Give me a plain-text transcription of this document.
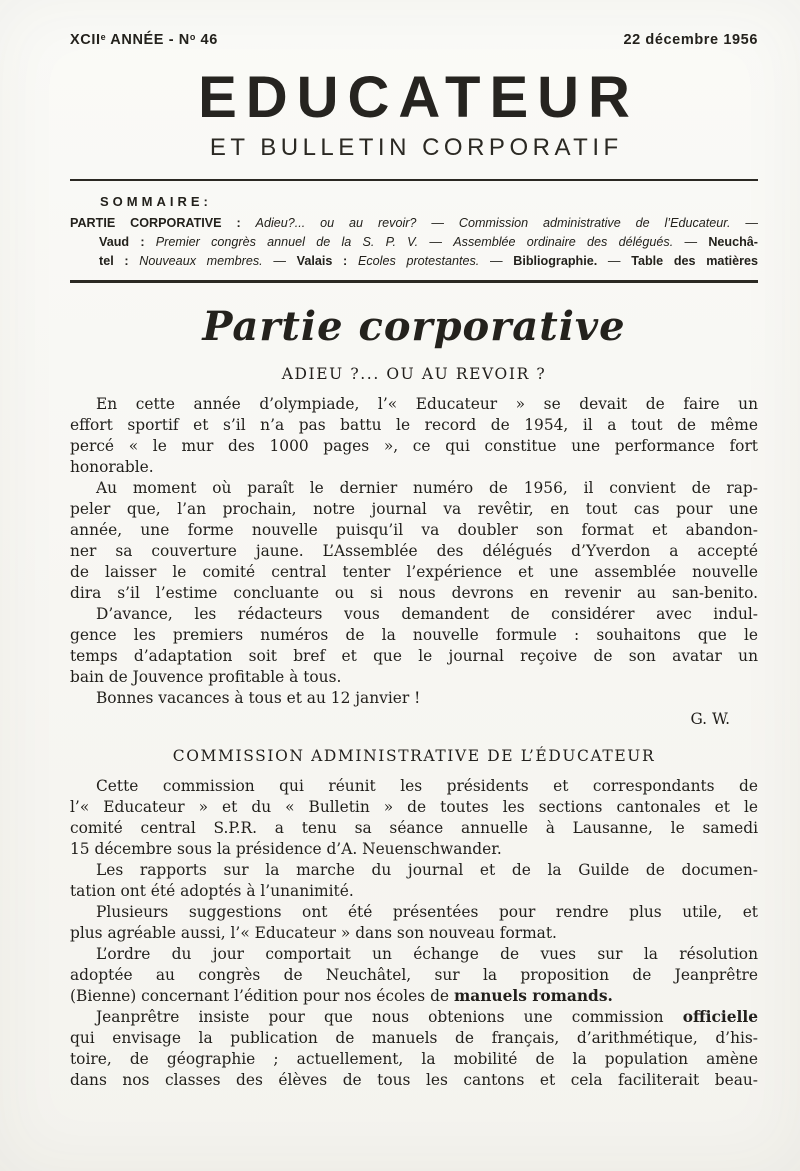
XCIIe ANNÉE - $N^o$ 46	22 décembre 1956
EDUCATEUR
ET BULLETIN CORPORATIF
SOMMAIRE:
PARTIE CORPORATIVE : Adieu?... ou au revoir? — Commission administrative de l’Educateur. —
Vaud : Premier congrès annuel de la S. P. V. — Assemblée ordinaire des délégués. — Neuchâ-
tel : Nouveaux membres. — Valais : Ecoles protestantes. — Bibliographie. — Table des matières
Partie corporative
ADIEU ?... OU AU REVOIR ?
En cette année d’olympiade, l’« Educateur » se devait de faire un
effort sportif et s’il n’a pas battu le record de 1954, il a tout de même
percé « le mur des 1000 pages », ce qui constitue une performance fort
honorable.
Au moment où paraît le dernier numéro de 1956, il convient de rap-
peler que, l’an prochain, notre journal va revêtir, en tout cas pour une
année, une forme nouvelle puisqu’il va doubler son format et abandon-
ner sa couverture jaune. L’Assemblée des délégués d’Yverdon a accepté
de laisser le comité central tenter l’expérience et une assemblée nouvelle
dira s’il l’estime concluante ou si nous devrons en revenir au san-benito.
D’avance, les rédacteurs vous demandent de considérer avec indul-
gence les premiers numéros de la nouvelle formule : souhaitons que le
temps d’adaptation soit bref et que le journal reçoive de son avatar un
bain de Jouvence profitable à tous.
Bonnes vacances à tous et au 12 janvier !
G. W.
COMMISSION ADMINISTRATIVE DE L’ÉDUCATEUR
Cette commission qui réunit les présidents et correspondants de
l’« Educateur » et du « Bulletin » de toutes les sections cantonales et le
comité central S.P.R. a tenu sa séance annuelle à Lausanne, le samedi
15 décembre sous la présidence d’A. Neuenschwander.
Les rapports sur la marche du journal et de la Guilde de documen-
tation ont été adoptés à l’unanimité.
Plusieurs suggestions ont été présentées pour rendre plus utile, et
plus agréable aussi, l’« Educateur » dans son nouveau format.
L’ordre du jour comportait un échange de vues sur la résolution
adoptée au congrès de Neuchâtel, sur la proposition de Jeanprêtre
(Bienne) concernant l’édition pour nos écoles de manuels romands.
Jeanprêtre insiste pour que nous obtenions une commission officielle
qui envisage la publication de manuels de français, d’arithmétique, d’his-
toire, de géographie ; actuellement, la mobilité de la population amène
dans nos classes des élèves de tous les cantons et cela faciliterait beau-
